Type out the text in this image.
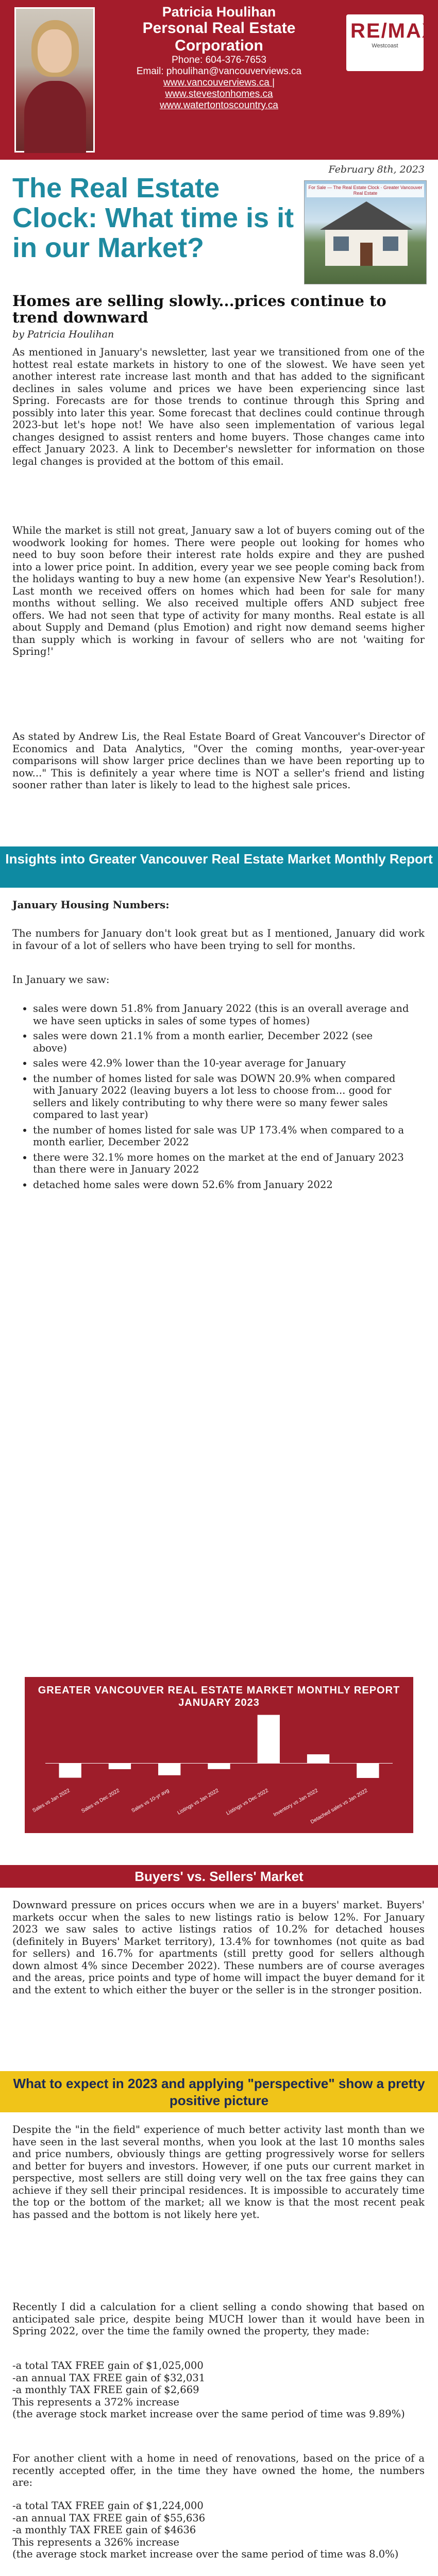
Patricia Houlihan
Personal Real Estate Corporation
Phone: 604-376-7653
Email: phoulihan@vancouverviews.ca
www.vancouverviews.ca | www.stevestonhomes.ca
www.watertontoscountry.ca
RE/MAX
Westcoast
February 8th, 2023
The Real Estate Clock: What time is it in our Market?
For Sale — The Real Estate Clock · Greater Vancouver Real Estate
Homes are selling slowly...prices continue to trend downward
by Patricia Houlihan

As mentioned in January's newsletter, last year we transitioned from one of the hottest real estate markets in history to one of the slowest. We have seen yet another interest rate increase last month and that has added to the significant declines in sales volume and prices we have been experiencing since last Spring. Forecasts are for those trends to continue through this Spring and possibly into later this year. Some forecast that declines could continue through 2023-but let's hope not! We have also seen implementation of various legal changes designed to assist renters and home buyers. Those changes came into effect January 2023. A link to December's newsletter for information on those legal changes is provided at the bottom of this email.

While the market is still not great, January saw a lot of buyers coming out of the woodwork looking for homes. There were people out looking for homes who need to buy soon before their interest rate holds expire and they are pushed into a lower price point. In addition, every year we see people coming back from the holidays wanting to buy a new home (an expensive New Year's Resolution!). Last month we received offers on homes which had been for sale for many months without selling. We also received multiple offers AND subject free offers. We had not seen that type of activity for many months. Real estate is all about Supply and Demand (plus Emotion) and right now demand seems higher than supply which is working in favour of sellers who are not 'waiting for Spring!'

As stated by Andrew Lis, the Real Estate Board of Great Vancouver's Director of Economics and Data Analytics, "Over the coming months, year-over-year comparisons will show larger price declines than we have been reporting up to now..." This is definitely a year where time is NOT a seller's friend and listing sooner rather than later is likely to lead to the highest sale prices.

Insights into Greater Vancouver Real Estate Market Monthly Report
January Housing Numbers:

The numbers for January don't look great but as I mentioned, January did work in favour of a lot of sellers who have been trying to sell for months.

In January we saw:

• sales were down 51.8% from January 2022 (this is an overall average and we have seen upticks in sales of some types of homes)
• sales were down 21.1% from a month earlier, December 2022 (see above)
• sales were 42.9% lower than the 10-year average for January
• the number of homes listed for sale was DOWN 20.9% when compared with January 2022 (leaving buyers a lot less to choose from... good for sellers and likely contributing to why there were so many fewer sales compared to last year)
• the number of homes listed for sale was UP 173.4% when compared to a month earlier, December 2022
• there were 32.1% more homes on the market at the end of January 2023 than there were in January 2022
• detached home sales were down 52.6% from January 2022
GREATER VANCOUVER REAL ESTATE MARKET MONTHLY REPORT JANUARY 2023
Sales vs Jan 2022 Sales vs Dec 2022 Sales vs 10-yr avg Listings vs Jan 2022 Listings vs Dec 2022 Inventory vs Jan 2022
Detached sales vs Jan 2022
Buyers' vs. Sellers' Market

Downward pressure on prices occurs when we are in a buyers' market. Buyers' markets occur when the sales to new listings ratio is below 12%. For January 2023 we saw sales to active listings ratios of 10.2% for detached houses (definitely in Buyers' Market territory), 13.4% for townhomes (not quite as bad for sellers) and 16.7% for apartments (still pretty good for sellers although down almost 4% since December 2022). These numbers are of course averages and the areas, price points and type of home will impact the buyer demand for it and the extent to which either the buyer or the seller is in the stronger position.

What to expect in 2023 and applying "perspective" show a pretty positive picture

Despite the "in the field" experience of much better activity last month than we have seen in the last several months, when you look at the last 10 months sales and price numbers, obviously things are getting progressively worse for sellers and better for buyers and investors. However, if one puts our current market in perspective, most sellers are still doing very well on the tax free gains they can achieve if they sell their principal residences. It is impossible to accurately time the top or the bottom of the market; all we know is that the most recent peak has passed and the bottom is not likely here yet.

Recently I did a calculation for a client selling a condo showing that based on anticipated sale price, despite being MUCH lower than it would have been in Spring 2022, over the time the family owned the property, they made:

-a total TAX FREE gain of $1,025,000
-an annual TAX FREE gain of $32,031
-a monthly TAX FREE gain of $2,669
This represents a 372% increase
(the average stock market increase over the same period of time was 9.89%)

For another client with a home in need of renovations, based on the price of a recently accepted offer, in the time they have owned the home, the numbers are:

-a total TAX FREE gain of $1,224,000
-an annual TAX FREE gain of $55,636
-a monthly TAX FREE gain of $4636
This represents a 326% increase
(the average stock market increase over the same period of time was 8.0%)
